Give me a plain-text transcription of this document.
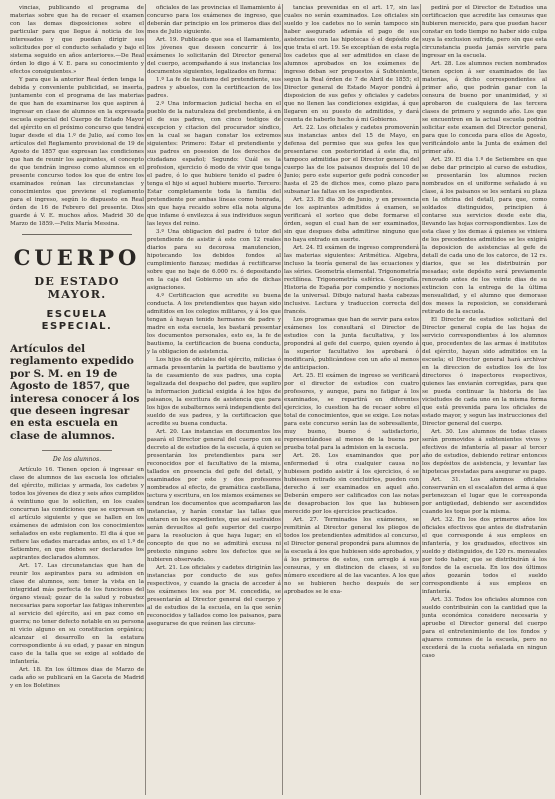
vincias, publicando el programa de materias sobre que ha de recaer el examen con las demas disposiciones sobre el particular para que llegue á noticia de los interesados y que puedan dirigir sus solicitudes por el conducto señalado y bajo el sistema seguido en años anteriores.—De Real órden lo digo á V. E. para su conocimiento y efectos consiguientes.»

Y para que la anterior Real órden tenga la debida y conveniente publicidad, se inserta, juntamente con el programa de las materias de que han de examinarse los que aspiren á ingresar en clase de alumnos en la expresada escuela especial del Cuerpo de Estado Mayor del ejército en el próximo concurso que tendrá lugar desde el dia 1.º de Julio, así como los artículos del Reglamento provisional de 19 de Agosto de 1857 que expresan las condiciones que han de reunir los aspirantes, el concepto de que tendrán ingreso como alumnos en el presente concurso todos los que de entre los examinados reúnan las circunstancias y conocimientos que previene el reglamento para el ingreso, según lo dispuesto en Real órden de 16 de Febrero del presente. Dios guarde á V. E. muchos años. Madrid 30 de Marzo de 1859.—Felix María Messina.

CUERPO

DE ESTADO MAYOR.

ESCUELA ESPECIAL.

Artículos del reglamento expedido por S. M. en 19 de Agosto de 1857, que interesa conocer á los que deseen ingresar en esta escuela en clase de alumnos.

De los alumnos.

Artículo 16. Tienen opcion á ingresar en clase de alumnos de las escuela los oficiales del ejército, milicias y armada, los cadetes y todos los jóvenes de diez y seis años cumplidos á veintiuno que lo soliciten, en los cuales concurran las condiciones que se expresan en el artículo siguiente y que se hallen en los exámenes de admision con los conocimientos señalados en este reglamento. El dia á que se refiere las edades marcadas antes, es el 1.º de Setiembre, en que deben ser declarados los aspirantes declarados alumnos.

Art. 17. Las circunstancias que han de reunir los aspirantes para su admision en clase de alumnos, son: tener la vista en la integridad más perfecta de los funciones del órgano visual; gozar de la salud y robustez necesarias para soportar las fatigas inherentes al servicio del ejército, así en paz como en guerra; no tener defecto notable en su persona ni vicio alguno en su constitucion orgánica; alcanzar el desarrollo en la estatura correspondiente á su edad, y pasar en ningun caso de la talla que se exige al soldado de infantería.

Art. 18. En los últimos dias de Marzo de cada año se publicará en la Gaceta de Madrid y en los Boletines

oficiales de las provincias el llamamiento á concurso para los exámenes de ingreso, que deberán dar principio en los primeros dias del mes de Julio siguiente.

Art. 19. Publicado que sea el llamamiento, los jóvenes que deseen concurrir á los exámenes lo solicitarán del Director general del cuerpo, acompañando á sus instancias los documentos siguientes, legalizados en forma:

1.º La fe de bautismo del pretendiente, sus padres y abuelos, con la certificacion de los padres.

2.º Una informacion judicial hecha en el pueblo de la naturaleza del pretendiente, á en el de sus padres, con cinco testigos de excepcion y citacion del procurador síndico, en la cual se hagan constar los extremos siguientes: Primero: Estar el pretendiente y sus padres en posesion de los derechos de ciudadano español; Segundo: Cuál es la profesion, ejercicio ó modo de vivir que tenga el padre, ó lo que hubiere tenido el padre ó tenga el hijo si aquel hubiere muerto. Tercero: Estar completamente toda la familia del pretendiente por ambas líneas como honrada, sin que haya recaido sobre ella nota alguna que infame ó envilezca á sus individuos segun las leyes del reino.

3.º Una obligacion del padre ó tutor del pretendiente de asistir á este con 12 reales diarios para su decorosa manutencion, hipotecando los debidos fondos al cumplimiento fianzas; medidas á rectificarse sobre que no baje de 6.000 rs. ó depositando en la caja del Gobierno un año de dichas asignaciones.

4.º Certificacion que acredite su buena conducta. A los pretendientes que hayan sido admitidos en los colegios militares, y á los que tengan á hayan tenido hermanos de padre y madre en esta escuela, les bastará presentar los documentos personales, esto es, la fe de bautismo, la certificacion de buena conducta, y la obligacion de asistencia.

Los hijos de oficiales del ejército, milicias ó armada presentarán la partida de bautismo y la de casamiento de sus padres, una copia legalizada del despacho del padre, que supliro la informacion judicial exigida á los hijos de paisanos, la escritura de asistencia que para los hijos de subalternos será independiente del sueldo de sus padres, y la certificacion que acredite su buena conducta.

Art. 20. Las instancias en documentos los pasará el Director general del cuerpo con su decreto al de estudios de la escuela, á quien se presentarán los pretendientes para ser reconocidos por el facultativo de la misma, tallados en presencia del gefe del detall, y examinados por este y dos profesores nombrados al efecto, de gramática castellana, lectura y escritura, en los mismos exámenes se tendran los documentos que acompañaron las instancias, y harán constar las tallas que entaren en los expedientes, que así sustraidos serán devueltos al gefe superior del cuerpo para la resolucion á que haya lugar; en el concepto de que no se admitirá excusa ni pretexto ninguno sobre los defectos que se hubieren observado.

Art. 21. Los oficiales y cadetes dirigirán las instancias por conducto de sus gefes respectivos, y cuando la gracia de acceder á los exámenes les sea por M. concedida, se presentarán al Director general del cuerpo y al de estudios de la escuela, en la que serán reconocidos y tallados como los paisanos, para asegurarse de que reúnen las circuns-

tancias prevenidas en el art. 17, sin las cuales no serán examinados. Los oficiales sin sueldo y los cadetes no lo serán tampoco sin haber asegurado además el pago de sus asistencias con las hipotecas ó el depósito de que trata el art. 19. Se exceptúan de esta regla los cadetes que al ser admitidos en clase de alumnos aprobados en los exámenes de ingreso deban ser propuestos á Subteniente, segun la Real órden de 7 de Abril de 1855; el Director general de Estado Mayor pondrá á disposicion de sus gefes y oficiales y cadetes que no llenen las condiciones exigidas, á que llegaren en su puesto de admitidos, y dará cuenta de haberlo hecho á mi Gobierno.

Art. 22. Los oficiales y cadetes promoverán sus instancias antes del 15 de Mayo, en defensa del permiso que sus gefes les que presentarse con posterioridad á este dia, ni tampoco admitidas por el Director general del cuerpo las de los paisanos después del 10 de Junio; pero este superior gefe podrá conceder hasta el 25 de dichos mes, como plazo para subsanar las faltas en los expedientes.

Art. 23. El dia 30 de Junio, y en presencia de los aspirantes admitidos á examen, se verificará el sorteo que debe formarse el órden, segun el cual han de ser examinados, sin que despues deba admitirse ninguno que no haya entrado en suerte.

Art. 24. El exámen de ingreso comprenderá las materias siguientes: Aritmética. Algebra, incluso la teoría general de las ecuaciones y las séries. Geometría elemental. Trigonometría rectilínea. Trigonometría esférica. Geografía. Historia de España por compendio y nociones de la universal. Dibujo natural hasta cabezas inclusive. Lectura y traduccion correcta del francés.

Los programas que han de servir para estos exámenes los consultará el Director de estudios con la junta facultativa, y los propondrá al gefe del cuerpo, quien oyendo á la superior facultativo los aprobará ó modificará, publicándose con un año al menos de anticipacion.

Art. 25. El exámen de ingreso se verificará por el director de estudios con cuatro profesores, y aunque, para no fatigar á los examinados, se repartirá en diferentes ejercicios, lo cuestion ha de recaer sobre el total de conocimientos, que se exige. Los notas para este concurso serán las de sobresaliente, muy bueno, bueno ó satisfactorio, representándose al menos de la buena por prueba total para la admision en la escuela.

Art. 26. Los examinandos que por enfermedad ú otra cualquier causa no hubiesen podido asistir á los ejercicios, ó se hubiesen retirado sin concluirlos, pueden con derecho á ser examinados en aquel año. Deberán empero ser calificados con las notas de desaprobacion los que las hubiesen merecido por los ejercicios practicados.

Art. 27. Terminados los exámenes, se remitirán al Director general los pliegos de todos los pretendientes admitidos al concurso, el Director general propondrá para alumnos de la escuela á los que hubiesen sido aprobados, y á los primeros de estos, con arreglo á sus censuras, y en distincion de clases, si su número excediere al de las vacantes. A los que no se hubieren hecho después de ser aprobados se le exa-

pedirá por el Director de Estudios una certificacion que acredite las censuras que hubieren merecido, para que puedan hacer constar en todo tiempo no haber sido culpa suya la exclusion sufrida, pero sin que esta circunstancia pueda jamás servirle para ingresar en la escuela.

Art. 28. Los alumnos recien nombrados tienen opcion á ser examinados de las materias, á dicho correspondientes al primer año, que podrán ganar con la censura de bueno por unanimidad, y si aprobaron de cualquiera de las tercera clases de primero y segundo año. Los que se encuentren en la actual escuela podrán solicitar este examen del Director general, para que lo conceda para ellos de Agosto, verificándolo ante la Junta de exámen del primer año.

Art. 29. El dia 1.º de Setiembre en que se debe dar principio al curso de estudios, se presentarán los alumnos recien nombrados en el uniforme señalado á su clase, á los paisanos se les sentará su plaza en la oficina del detall, para que, como soldados distinguidos, principien á contarse sus servicios desde este dia, llevando las hojas correspondientes. Los de esta clase y los demas á quienes se viniera de los precedentes admitidos se les exigirá la deposicion de asistencias al gefe de detall de cada uno de los catorce, de 12 rs. diarios, que se les distribuirán por mesadas; este depósito será previamente renovado antes de los veinte dias de su extincion con la entrega de la última mensualidad, y el alumno que demorase dos meses la reposicion, se considerará retirado de la escuela.

El Director de estudios solicitará del Director general copia de las hojas de servicio correspondientes á los alumnos que, procedentes de las armas é institutos del ejército, hayan sido admitidos en la escuela; el Director general hará archivar en la direccion de estudios los de los directores ó inspectores respectivos, quienes las enviarán corregidas, para que se pueda continuar la historia de las vicisitudes de cada uno en la misma forma que está prevenida para los oficiales de estado mayor, y segun las instrucciones del Director general del cuerpo.

Art. 30. Los alumnos de todas clases serán promovidos á subtenientes vivos y efectivos de infantería al pasar al tercer año de estudios, debiendo retirar entonces los depósitos de asistencia, y levantar las hipotecas prestadas para asegurar su pago.

Art. 31. Los alumnos oficiales conservarán en el escalafon del arma á que pertenezcan el lugar que le corresponda por antigüedad, debiendo ser ascendidos cuando les toque por la misma.

Art. 32. En los dos primeros años los oficiales efectivos que antes de disfrutarán el que corresponde á sus empleos en infantería, y los graduados, efectivos sin sueldo y distinguidos, de 120 rs. mensuales por todo haber, que se distribuirán á los fondos de la escuela. En los dos últimos años gozarán todos el sueldo correspondiente á sus empleos en infantería.

Art. 33. Todos los oficiales alumnos con sueldo contribuirán con la cantidad que la junta económica considere necesaria y apruebe el Director general del cuerpo para el entretenimiento de los fondos y ajuares comunes de la escuela, pero no excederá de la cuota señalada en ningun caso
